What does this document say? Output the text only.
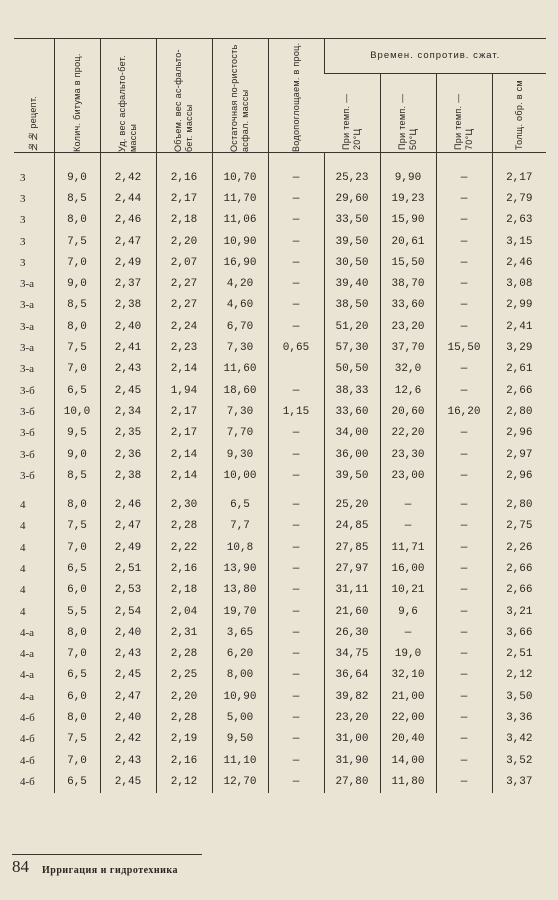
№№ рецепт.	Колич. битума в проц.	Уд. вес асфальто-бет. массы	Объем. вес ас-фальто-бет. массы	Остаточная по-ристость асфал. массы	Водопоглощаем. в проц.	Времен. сопротив. сжат.			

						При темп. — 20°Ц	При темп. — 50°Ц	При темп. — 70°Ц	Толщ. обр. в см

3	9,0	2,42	2,16	10,70	—	25,23	9,90	—	2,17
3	8,5	2,44	2,17	11,70	—	29,60	19,23	—	2,79
3	8,0	2,46	2,18	11,06	—	33,50	15,90	—	2,63
3	7,5	2,47	2,20	10,90	—	39,50	20,61	—	3,15
3	7,0	2,49	2,07	16,90	—	30,50	15,50	—	2,46
3-а	9,0	2,37	2,27	4,20	—	39,40	38,70	—	3,08
3-а	8,5	2,38	2,27	4,60	—	38,50	33,60	—	2,99
3-а	8,0	2,40	2,24	6,70	—	51,20	23,20	—	2,41
3-а	7,5	2,41	2,23	7,30	0,65	57,30	37,70	15,50	3,29
3-а	7,0	2,43	2,14	11,60		50,50	32,0	—	2,61
3-б	6,5	2,45	1,94	18,60	—	38,33	12,6	—	2,66
3-б	10,0	2,34	2,17	7,30	1,15	33,60	20,60	16,20	2,80
3-б	9,5	2,35	2,17	7,70	—	34,00	22,20	—	2,96
3-б	9,0	2,36	2,14	9,30	—	36,00	23,30	—	2,97
3-б	8,5	2,38	2,14	10,00	—	39,50	23,00	—	2,96

4	8,0	2,46	2,30	6,5	—	25,20	—	—	2,80
4	7,5	2,47	2,28	7,7	—	24,85	—	—	2,75
4	7,0	2,49	2,22	10,8	—	27,85	11,71	—	2,26
4	6,5	2,51	2,16	13,90	—	27,97	16,00	—	2,66
4	6,0	2,53	2,18	13,80	—	31,11	10,21	—	2,66
4	5,5	2,54	2,04	19,70	—	21,60	9,6	—	3,21
4-а	8,0	2,40	2,31	3,65	—	26,30	—	—	3,66
4-а	7,0	2,43	2,28	6,20	—	34,75	19,0	—	2,51
4-а	6,5	2,45	2,25	8,00	—	36,64	32,10	—	2,12
4-а	6,0	2,47	2,20	10,90	—	39,82	21,00	—	3,50
4-б	8,0	2,40	2,28	5,00	—	23,20	22,00	—	3,36
4-б	7,5	2,42	2,19	9,50	—	31,00	20,40	—	3,42
4-б	7,0	2,43	2,16	11,10	—	31,90	14,00	—	3,52
4-б	6,5	2,45	2,12	12,70	—	27,80	11,80	—	3,37
84 Ирригация и гидротехника
